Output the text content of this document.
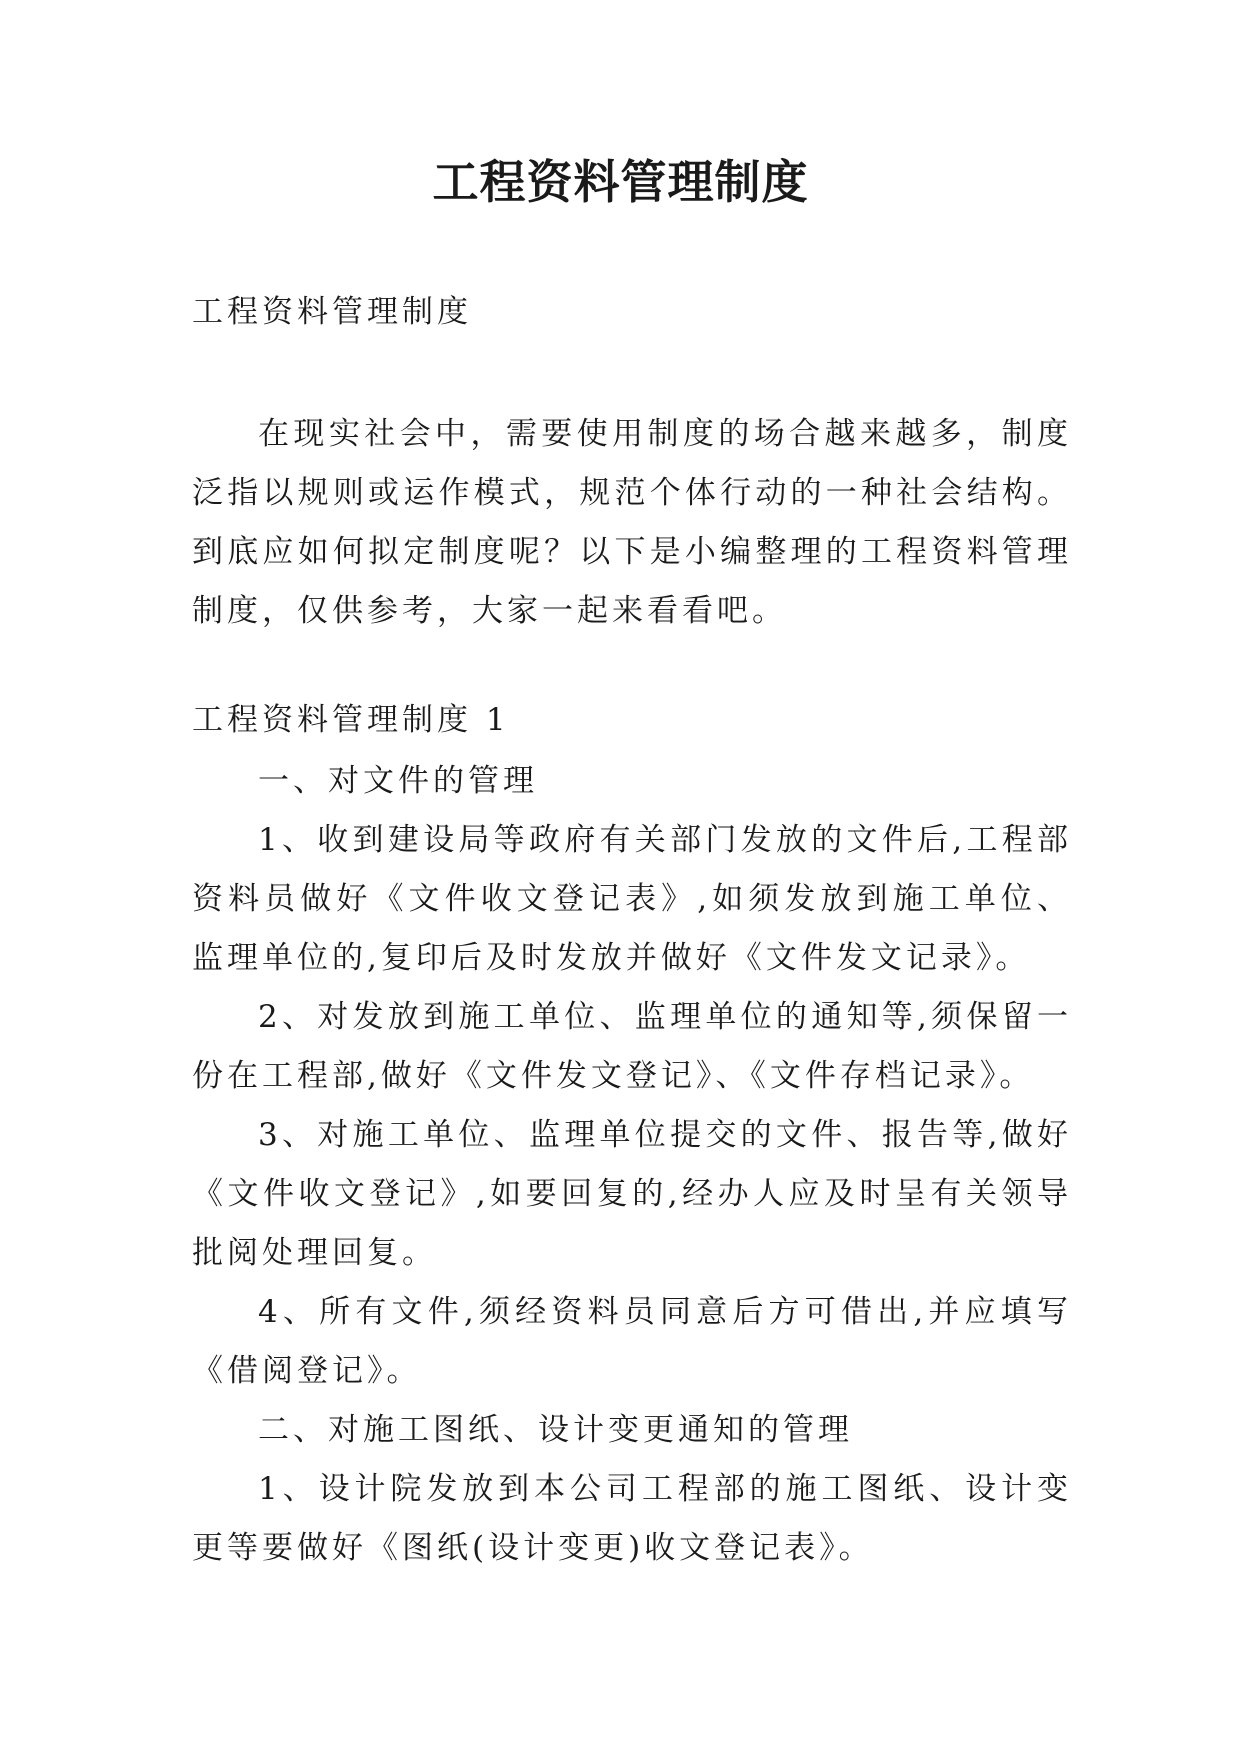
工程资料管理制度

工程资料管理制度

在现实社会中，需要使用制度的场合越来越多，制度泛指以规则或运作模式，规范个体行动的一种社会结构。到底应如何拟定制度呢？以下是小编整理的工程资料管理制度，仅供参考，大家一起来看看吧。

工程资料管理制度 1

一、对文件的管理

1、收到建设局等政府有关部门发放的文件后,工程部资料员做好《文件收文登记表》,如须发放到施工单位、监理单位的,复印后及时发放并做好《文件发文记录》。

2、对发放到施工单位、监理单位的通知等,须保留一份在工程部,做好《文件发文登记》、《文件存档记录》。

3、对施工单位、监理单位提交的文件、报告等,做好《文件收文登记》,如要回复的,经办人应及时呈有关领导批阅处理回复。

4、所有文件,须经资料员同意后方可借出,并应填写《借阅登记》。

二、对施工图纸、设计变更通知的管理

1、设计院发放到本公司工程部的施工图纸、设计变更等要做好《图纸(设计变更)收文登记表》。
